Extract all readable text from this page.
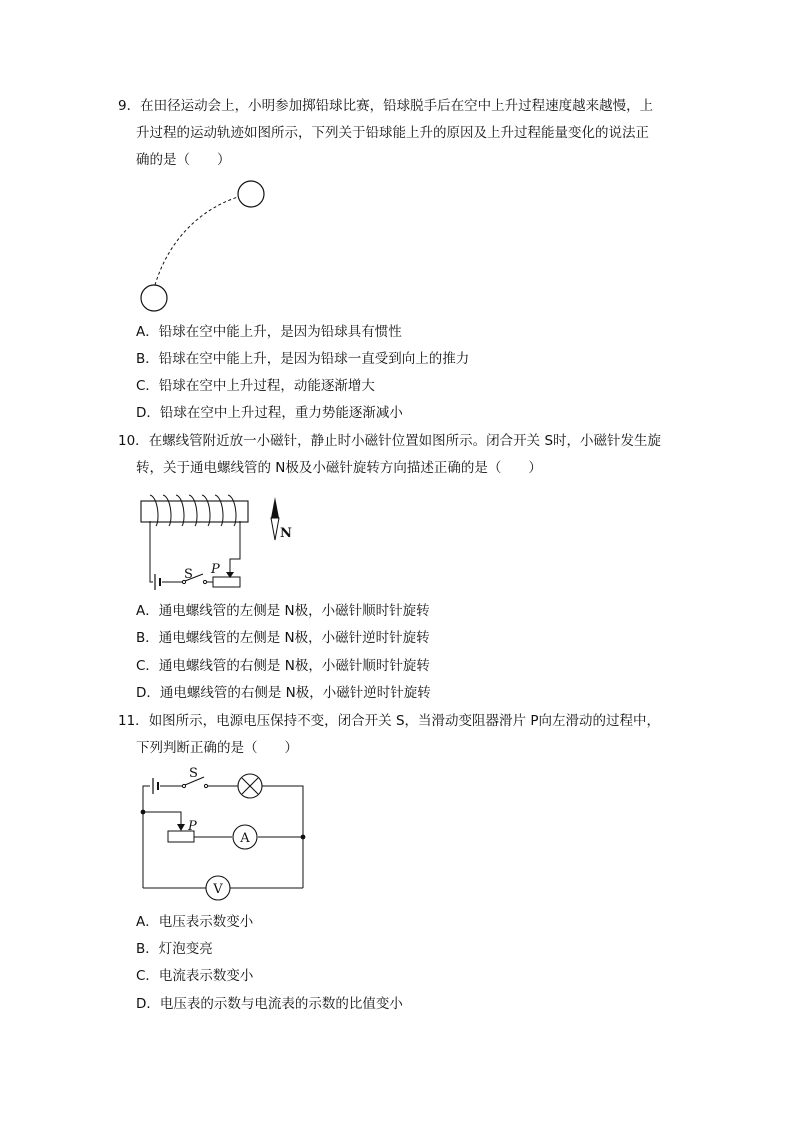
9．在田径运动会上，小明参加掷铅球比赛，铅球脱手后在空中上升过程速度越来越慢，上
升过程的运动轨迹如图所示，下列关于铅球能上升的原因及上升过程能量变化的说法正
确的是（　　）
A．铅球在空中能上升，是因为铅球具有惯性
B．铅球在空中能上升，是因为铅球一直受到向上的推力
C．铅球在空中上升过程，动能逐渐增大
D．铅球在空中上升过程，重力势能逐渐减小
10．在螺线管附近放一小磁针，静止时小磁针位置如图所示。闭合开关 S时，小磁针发生旋
转，关于通电螺线管的 N极及小磁针旋转方向描述正确的是（　　）
S P
N
A．通电螺线管的左侧是 N极，小磁针顺时针旋转
B．通电螺线管的左侧是 N极，小磁针逆时针旋转
C．通电螺线管的右侧是 N极，小磁针顺时针旋转
D．通电螺线管的右侧是 N极，小磁针逆时针旋转
11．如图所示，电源电压保持不变，闭合开关 S，当滑动变阻器滑片 P向左滑动的过程中，
下列判断正确的是（　　）
S
P
A
V
A．电压表示数变小
B．灯泡变亮
C．电流表示数变小
D．电压表的示数与电流表的示数的比值变小
